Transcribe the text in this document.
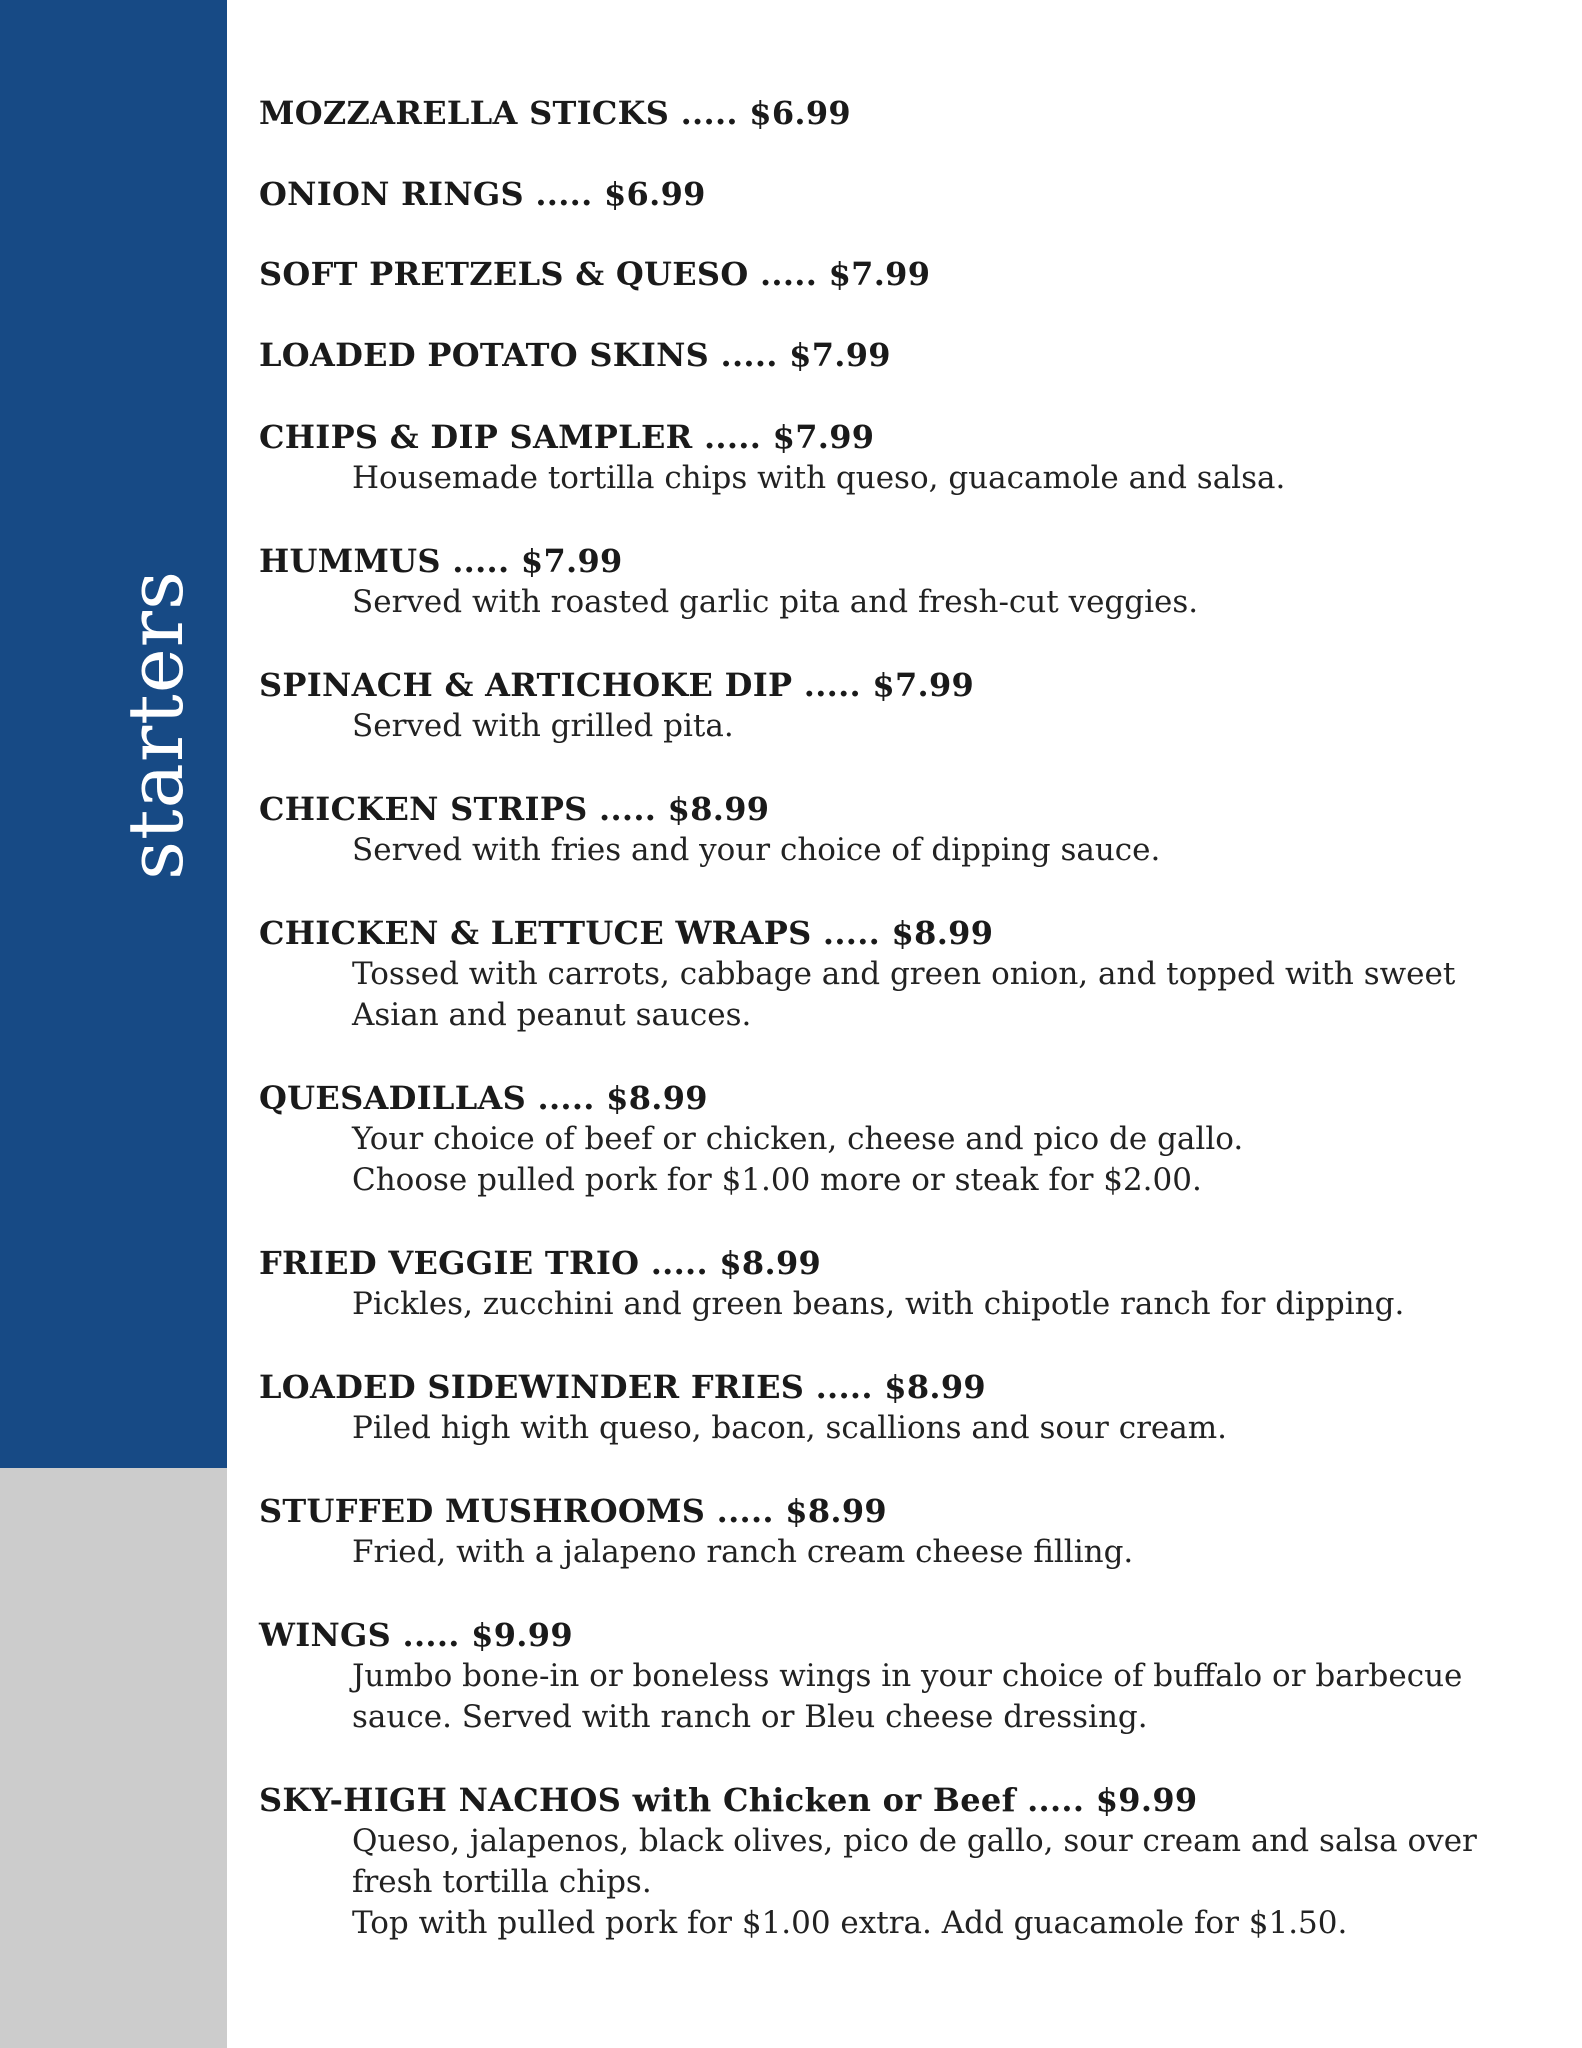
starters
MOZZARELLA STICKS ..... $6.99
ONION RINGS ..... $6.99
SOFT PRETZELS & QUESO ..... $7.99
LOADED POTATO SKINS ..... $7.99
CHIPS & DIP SAMPLER ..... $7.99
Housemade tortilla chips with queso, guacamole and salsa.
HUMMUS ..... $7.99
Served with roasted garlic pita and fresh-cut veggies.
SPINACH & ARTICHOKE DIP ..... $7.99
Served with grilled pita.
CHICKEN STRIPS ..... $8.99
Served with fries and your choice of dipping sauce.
CHICKEN & LETTUCE WRAPS ..... $8.99
Tossed with carrots, cabbage and green onion, and topped with sweet
Asian and peanut sauces.
QUESADILLAS ..... $8.99
Your choice of beef or chicken, cheese and pico de gallo.
Choose pulled pork for $1.00 more or steak for $2.00.
FRIED VEGGIE TRIO ..... $8.99
Pickles, zucchini and green beans, with chipotle ranch for dipping.
LOADED SIDEWINDER FRIES ..... $8.99
Piled high with queso, bacon, scallions and sour cream.
STUFFED MUSHROOMS ..... $8.99
Fried, with a jalapeno ranch cream cheese filling.
WINGS ..... $9.99
Jumbo bone-in or boneless wings in your choice of buffalo or barbecue
sauce. Served with ranch or Bleu cheese dressing.
SKY-HIGH NACHOS with Chicken or Beef ..... $9.99
Queso, jalapenos, black olives, pico de gallo, sour cream and salsa over
fresh tortilla chips.
Top with pulled pork for $1.00 extra. Add guacamole for $1.50.
